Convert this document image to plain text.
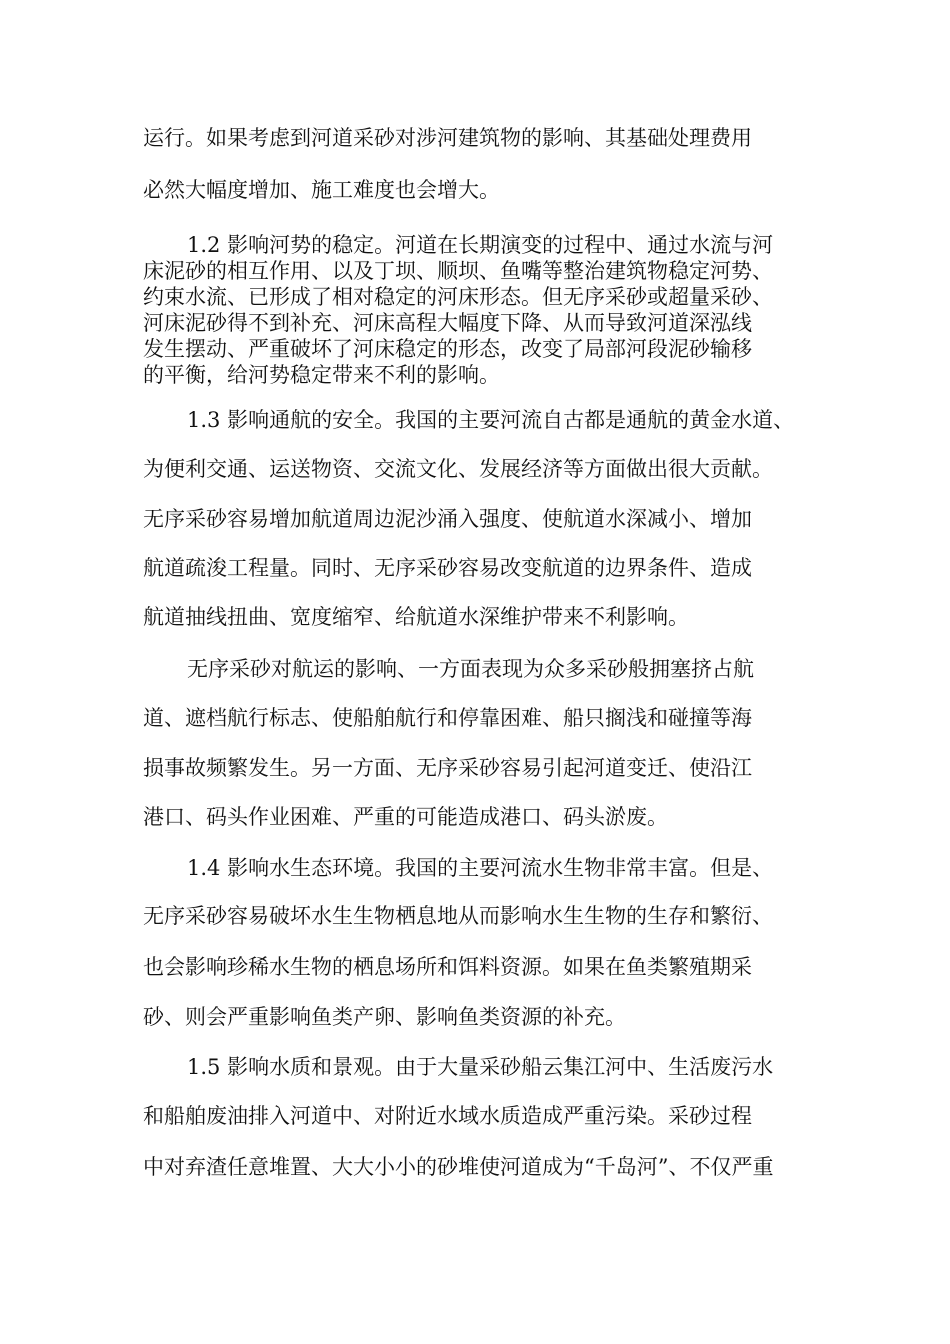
运行。如果考虑到河道采砂对涉河建筑物的影响、其基础处理费用
必然大幅度增加、施工难度也会增大。
1.2 影响河势的稳定。河道在长期演变的过程中、通过水流与河
床泥砂的相互作用、以及丁坝、顺坝、鱼嘴等整治建筑物稳定河势、
约束水流、已形成了相对稳定的河床形态。但无序采砂或超量采砂、
河床泥砂得不到补充、河床高程大幅度下降、从而导致河道深泓线
发生摆动、严重破坏了河床稳定的形态，改变了局部河段泥砂输移
的平衡，给河势稳定带来不利的影响。
1.3 影响通航的安全。我国的主要河流自古都是通航的黄金水道、
为便利交通、运送物资、交流文化、发展经济等方面做出很大贡献。
无序采砂容易增加航道周边泥沙涌入强度、使航道水深减小、增加
航道疏浚工程量。同时、无序采砂容易改变航道的边界条件、造成
航道抽线扭曲、宽度缩窄、给航道水深维护带来不利影响。
无序采砂对航运的影响、一方面表现为众多采砂般拥塞挤占航
道、遮档航行标志、使船舶航行和停靠困难、船只搁浅和碰撞等海
损事故频繁发生。另一方面、无序采砂容易引起河道变迁、使沿江
港口、码头作业困难、严重的可能造成港口、码头淤废。
1.4 影响水生态环境。我国的主要河流水生物非常丰富。但是、
无序采砂容易破坏水生生物栖息地从而影响水生生物的生存和繁衍、
也会影响珍稀水生物的栖息场所和饵料资源。如果在鱼类繁殖期采
砂、则会严重影响鱼类产卵、影响鱼类资源的补充。
1.5 影响水质和景观。由于大量采砂船云集江河中、生活废污水
和船舶废油排入河道中、对附近水域水质造成严重污染。采砂过程
中对弃渣任意堆置、大大小小的砂堆使河道成为“千岛河”、不仅严重
